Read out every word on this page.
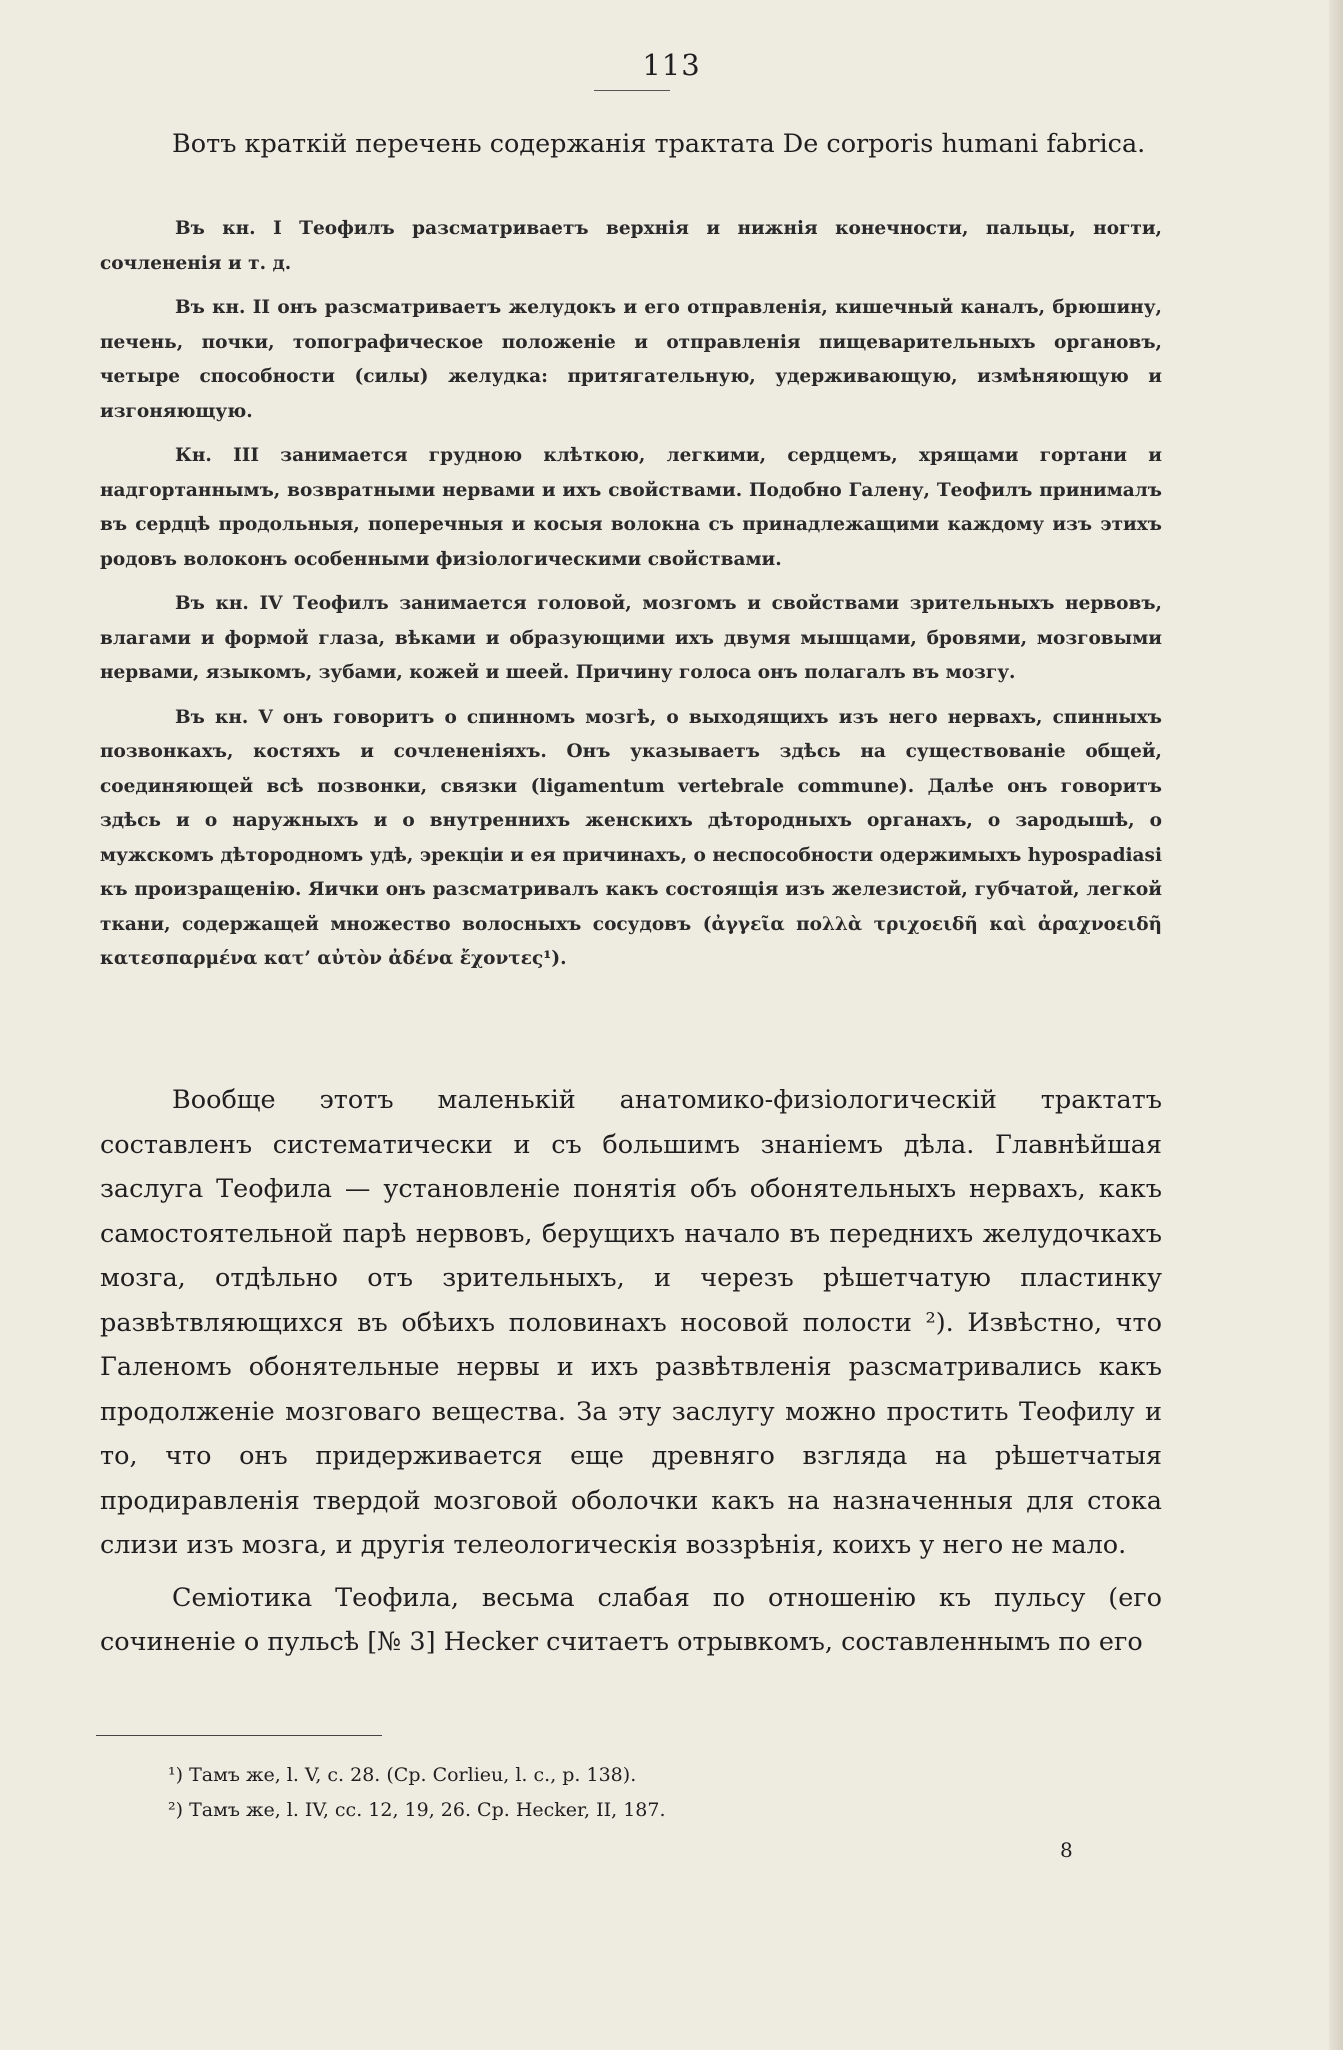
113

Вотъ краткій перечень содержанія трактата De corporis humani fabrica.

Въ кн. I Теофилъ разсматриваетъ верхнія и нижнія конечности, пальцы, ногти, сочлененія и т. д.

Въ кн. II онъ разсматриваетъ желудокъ и его отправленія, кишечный каналъ, брюшину, печень, почки, топографическое положеніе и отправленія пищеварительныхъ органовъ, четыре способности (силы) желудка: притягательную, удерживающую, измѣняющую и изгоняющую.

Кн. III занимается грудною клѣткою, легкими, сердцемъ, хрящами гортани и надгортаннымъ, возвратными нервами и ихъ свойствами. Подобно Галену, Теофилъ принималъ въ сердцѣ продольныя, поперечныя и косыя волокна съ принадлежащими каждому изъ этихъ родовъ волоконъ особенными физіологическими свойствами.

Въ кн. IV Теофилъ занимается головой, мозгомъ и свойствами зрительныхъ нервовъ, влагами и формой глаза, вѣками и образующими ихъ двумя мышцами, бровями, мозговыми нервами, языкомъ, зубами, кожей и шеей. Причину голоса онъ полагалъ въ мозгу.

Въ кн. V онъ говоритъ о спинномъ мозгѣ, о выходящихъ изъ него нервахъ, спинныхъ позвонкахъ, костяхъ и сочлененіяхъ. Онъ указываетъ здѣсь на существованіе общей, соединяющей всѣ позвонки, связки (ligamentum vertebrale commune). Далѣе онъ говоритъ здѣсь и о наружныхъ и о внутреннихъ женскихъ дѣтородныхъ органахъ, о зародышѣ, о мужскомъ дѣтородномъ удѣ, эрекціи и ея причинахъ, о неспособности одержимыхъ hypospadiasi къ произращенію. Яички онъ разсматривалъ какъ состоящія изъ железистой, губчатой, легкой ткани, содержащей множество волосныхъ сосудовъ (ἀγγεῖα πολλὰ τριχοειδῆ καὶ ἀραχνοειδῆ κατεσπαρμένα κατ’ αὐτὸν ἀδένα ἔχοντες¹).

Вообще этотъ маленькій анатомико-физіологическій трактатъ составленъ систематически и съ большимъ знаніемъ дѣла. Главнѣйшая заслуга Теофила — установленіе понятія объ обонятельныхъ нервахъ, какъ самостоятельной парѣ нервовъ, берущихъ начало въ переднихъ желудочкахъ мозга, отдѣльно отъ зрительныхъ, и черезъ рѣшетчатую пластинку развѣтвляющихся въ обѣихъ половинахъ носовой полости ²). Извѣстно, что Галеномъ обонятельные нервы и ихъ развѣтвленія разсматривались какъ продолженіе мозговаго вещества. За эту заслугу можно простить Теофилу и то, что онъ придерживается еще древняго взгляда на рѣшетчатыя продиравленія твердой мозговой оболочки какъ на назначенныя для стока слизи изъ мозга, и другія телеологическія воззрѣнія, коихъ у него не мало.

Семіотика Теофила, весьма слабая по отношенію къ пульсу (его сочиненіе о пульсѣ [№ 3] Hecker считаетъ отрывкомъ, составленнымъ по его

¹) Тамъ же, l. V, c. 28. (Cp. Corlieu, l. c., p. 138).
²) Тамъ же, l. IV, cc. 12, 19, 26. Cp. Hecker, II, 187.
8
